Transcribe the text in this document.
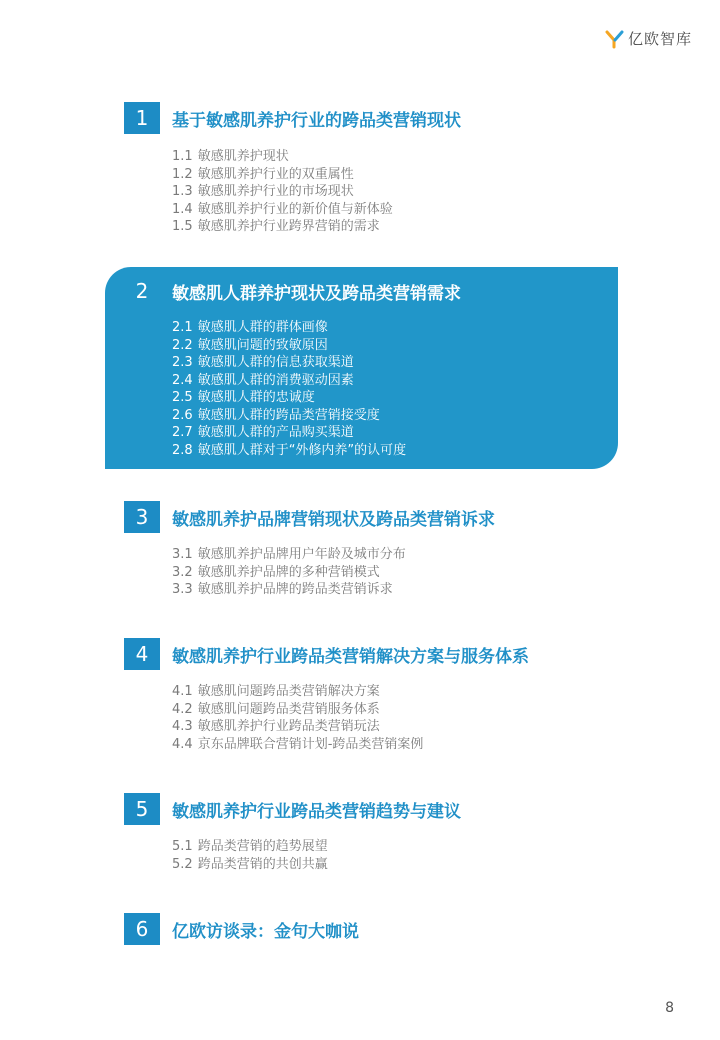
亿欧智库
1	基于敏感肌养护行业的跨品类营销现状
1.1 敏感肌养护现状
1.2 敏感肌养护行业的双重属性
1.3 敏感肌养护行业的市场现状
1.4 敏感肌养护行业的新价值与新体验
1.5 敏感肌养护行业跨界营销的需求
2	敏感肌人群养护现状及跨品类营销需求
2.1 敏感肌人群的群体画像
2.2 敏感肌问题的致敏原因
2.3 敏感肌人群的信息获取渠道
2.4 敏感肌人群的消费驱动因素
2.5 敏感肌人群的忠诚度
2.6 敏感肌人群的跨品类营销接受度
2.7 敏感肌人群的产品购买渠道
2.8 敏感肌人群对于“外修内养”的认可度
3	敏感肌养护品牌营销现状及跨品类营销诉求
3.1 敏感肌养护品牌用户年龄及城市分布
3.2 敏感肌养护品牌的多种营销模式
3.3 敏感肌养护品牌的跨品类营销诉求
4	敏感肌养护行业跨品类营销解决方案与服务体系
4.1 敏感肌问题跨品类营销解决方案
4.2 敏感肌问题跨品类营销服务体系
4.3 敏感肌养护行业跨品类营销玩法
4.4 京东品牌联合营销计划-跨品类营销案例
5	敏感肌养护行业跨品类营销趋势与建议
5.1 跨品类营销的趋势展望
5.2 跨品类营销的共创共赢
6	亿欧访谈录：金句大咖说
8
